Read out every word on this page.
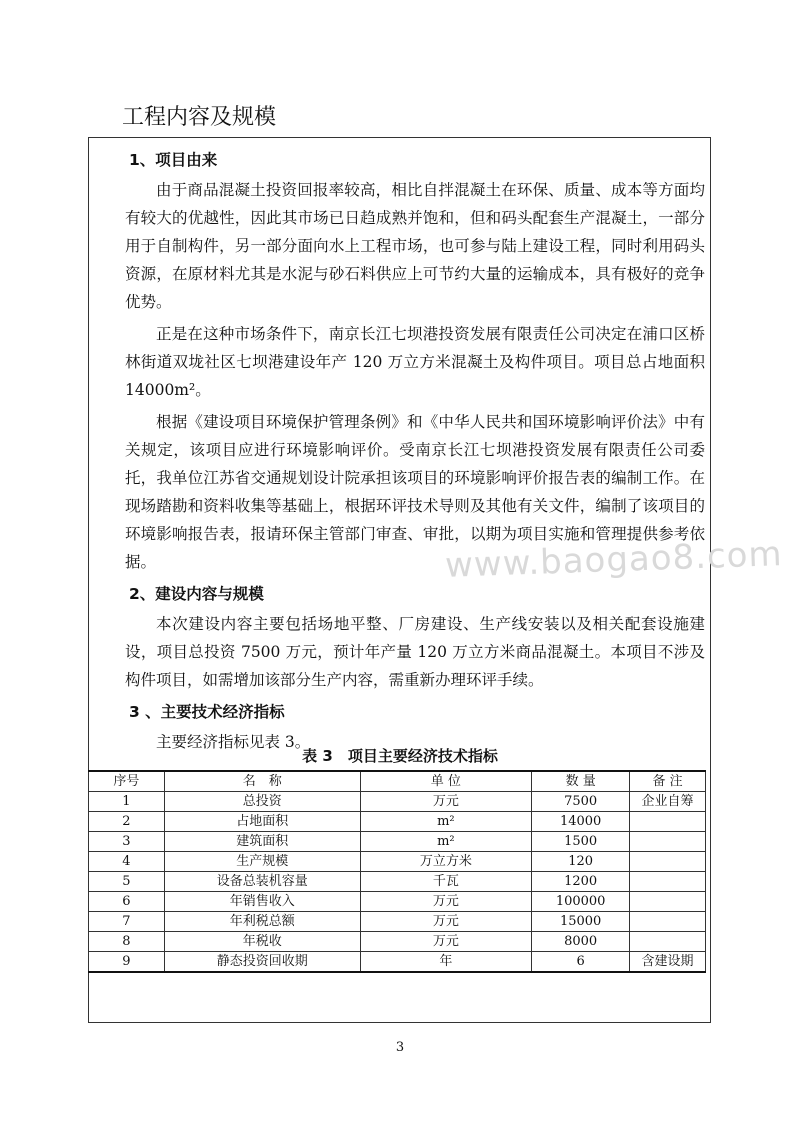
工程内容及规模

1、项目由来

由于商品混凝土投资回报率较高，相比自拌混凝土在环保、质量、成本等方面均有较大的优越性，因此其市场已日趋成熟并饱和，但和码头配套生产混凝土，一部分用于自制构件，另一部分面向水上工程市场，也可参与陆上建设工程，同时利用码头资源，在原材料尤其是水泥与砂石料供应上可节约大量的运输成本，具有极好的竞争优势。

正是在这种市场条件下，南京长江七坝港投资发展有限责任公司决定在浦口区桥林街道双垅社区七坝港建设年产 120 万立方米混凝土及构件项目。项目总占地面积 14000m²。

根据《建设项目环境保护管理条例》和《中华人民共和国环境影响评价法》中有关规定，该项目应进行环境影响评价。受南京长江七坝港投资发展有限责任公司委托，我单位江苏省交通规划设计院承担该项目的环境影响评价报告表的编制工作。在现场踏勘和资料收集等基础上，根据环评技术导则及其他有关文件，编制了该项目的环境影响报告表，报请环保主管部门审查、审批，以期为项目实施和管理提供参考依据。

2、建设内容与规模

本次建设内容主要包括场地平整、厂房建设、生产线安装以及相关配套设施建设，项目总投资 7500 万元，预计年产量 120 万立方米商品混凝土。本项目不涉及构件项目，如需增加该部分生产内容，需重新办理环评手续。

3 、主要技术经济指标

主要经济指标见表 3。

www.baogao8.com
表 3　项目主要经济技术指标
序号	名　称	单 位	数 量	备 注
1	总投资	万元	7500	企业自筹
2	占地面积	m²	14000	
3	建筑面积	m²	1500	
4	生产规模	万立方米	120	
5	设备总装机容量	千瓦	1200	
6	年销售收入	万元	100000	
7	年利税总额	万元	15000	
8	年税收	万元	8000	
9	静态投资回收期	年	6	含建设期
3
